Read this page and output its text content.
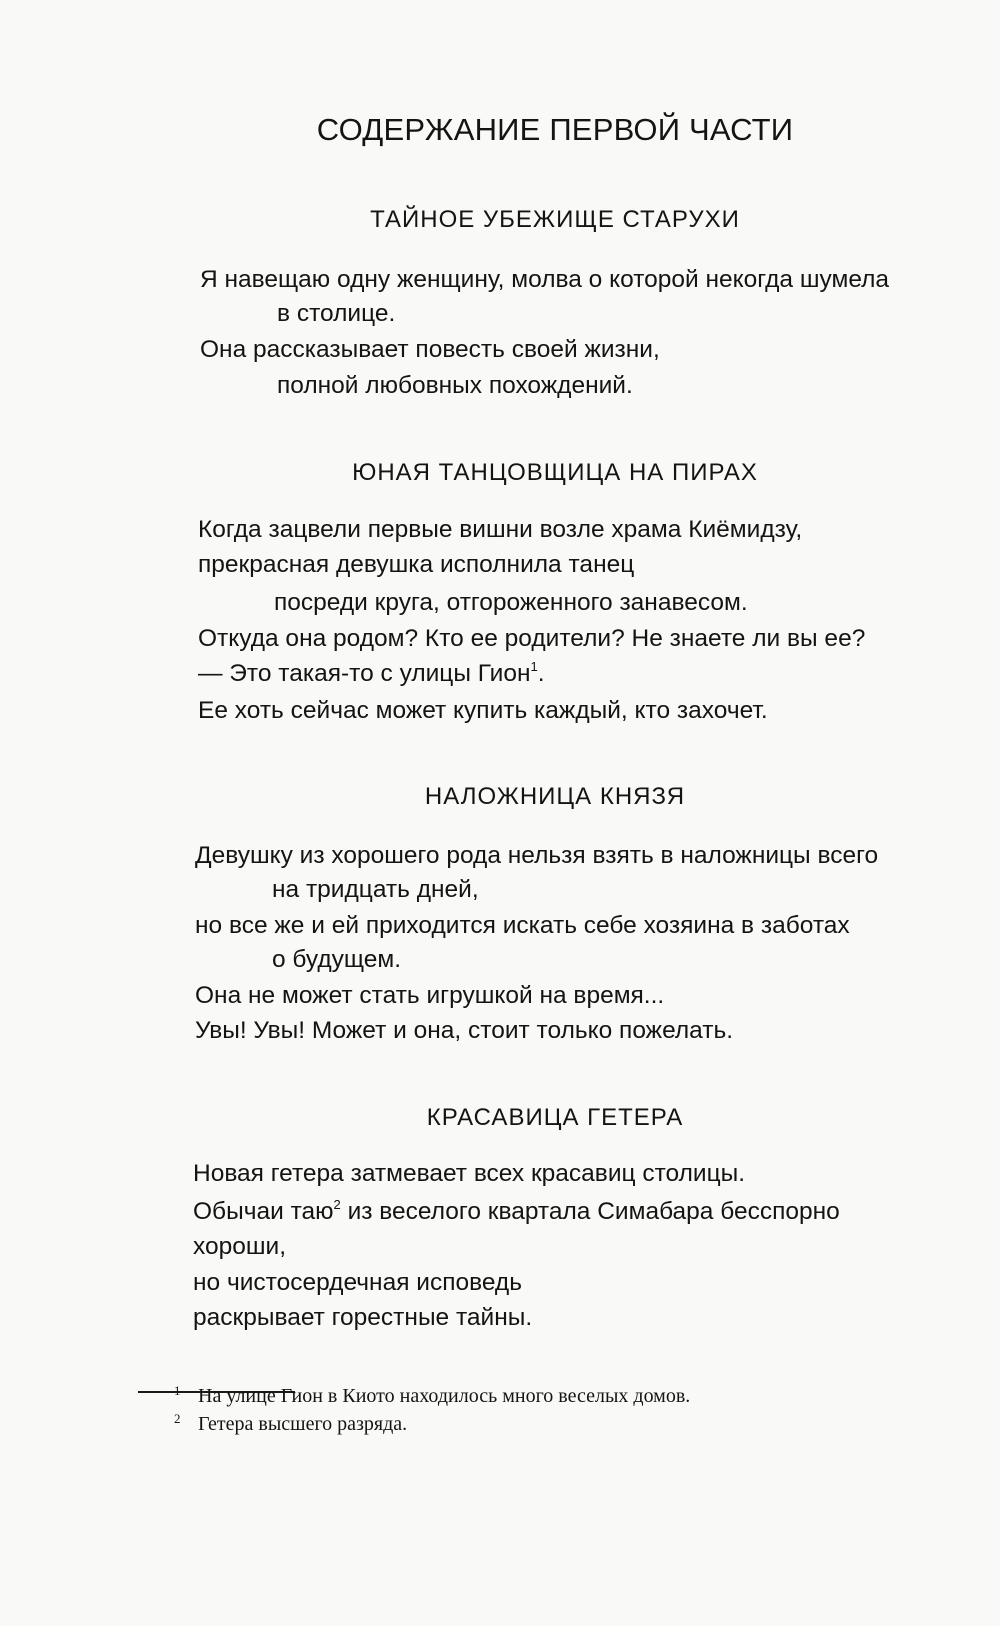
СОДЕРЖАНИЕ ПЕРВОЙ ЧАСТИ
ТАЙНОЕ УБЕЖИЩЕ СТАРУХИ
Я навещаю одну женщину, молва о которой некогда шумела
в столице.
Она рассказывает повесть своей жизни,
полной любовных похождений.
ЮНАЯ ТАНЦОВЩИЦА НА ПИРАХ
Когда зацвели первые вишни возле храма Киёмидзу,
прекрасная девушка исполнила танец
посреди круга, отгороженного занавесом.
Откуда она родом? Кто ее родители? Не знаете ли вы ее?
— Это такая-то с улицы Гион$^1$.
Ее хоть сейчас может купить каждый, кто захочет.
НАЛОЖНИЦА КНЯЗЯ
Девушку из хорошего рода нельзя взять в наложницы всего
на тридцать дней,
но все же и ей приходится искать себе хозяина в заботах
о будущем.
Она не может стать игрушкой на время...
Увы! Увы! Может и она, стоит только пожелать.
КРАСАВИЦА ГЕТЕРА
Новая гетера затмевает всех красавиц столицы.
Обычаи таю$^2$ из веселого квартала Симабара бесспорно
хороши,
но чистосердечная исповедь
раскрывает горестные тайны.
1 На улице Гион в Киото находилось много веселых домов.
2 Гетера высшего разряда.
